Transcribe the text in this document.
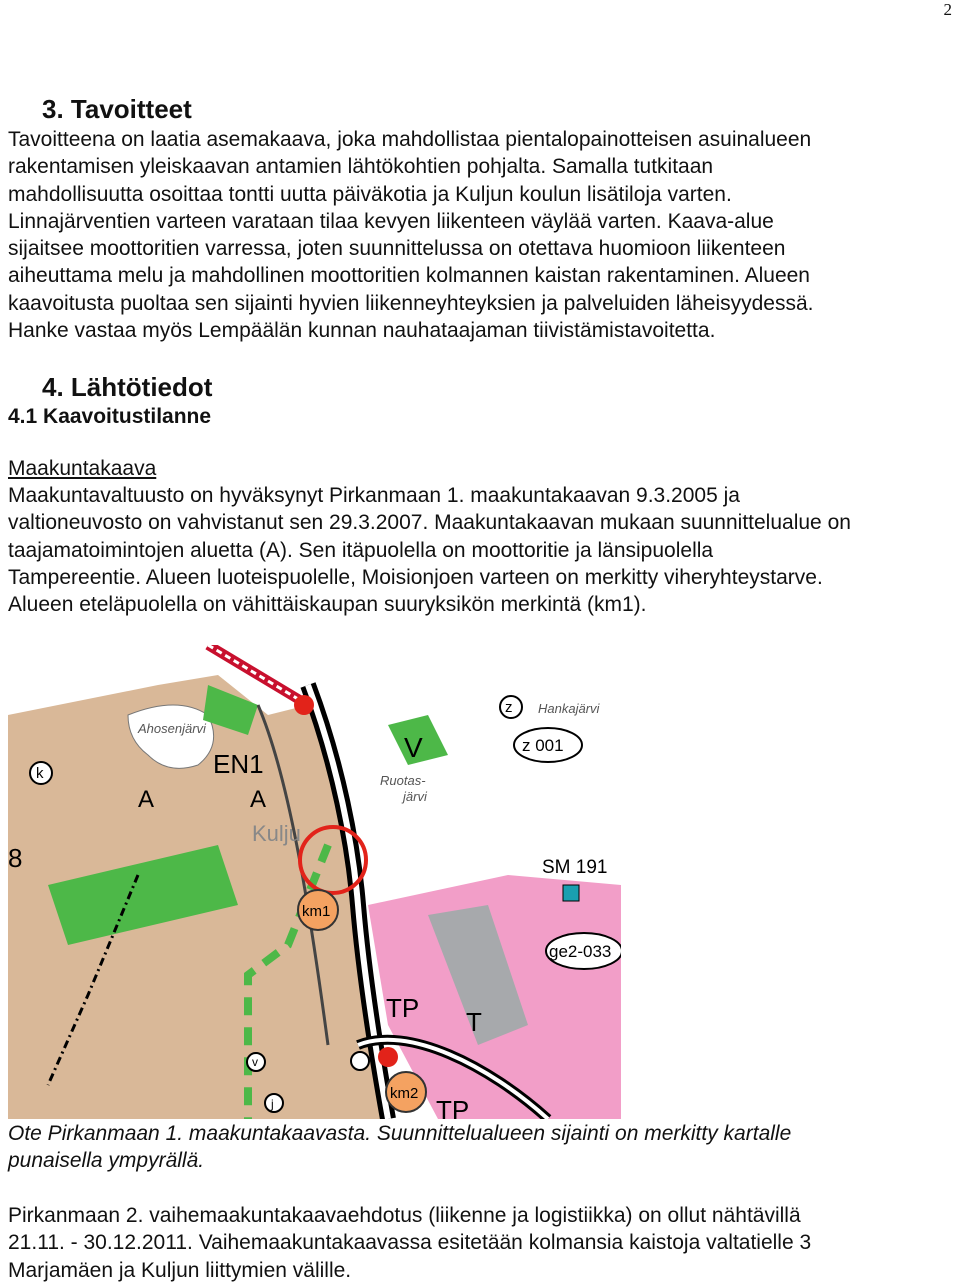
2
3. Tavoitteet
Tavoitteena on laatia asemakaava, joka mahdollistaa pientalopainotteisen asuinalueen
rakentamisen yleiskaavan antamien lähtökohtien pohjalta. Samalla tutkitaan
mahdollisuutta osoittaa tontti uutta päiväkotia ja Kuljun koulun lisätiloja varten.
Linnajärventien varteen varataan tilaa kevyen liikenteen väylää varten. Kaava-alue
sijaitsee moottoritien varressa, joten suunnittelussa on otettava huomioon liikenteen
aiheuttama melu ja mahdollinen moottoritien kolmannen kaistan rakentaminen. Alueen
kaavoitusta puoltaa sen sijainti hyvien liikenneyhteyksien ja palveluiden läheisyydessä.
Hanke vastaa myös Lempäälän kunnan nauhataajaman tiivistämistavoitetta.
4. Lähtötiedot
4.1 Kaavoitustilanne
Maakuntakaava
Maakuntavaltuusto on hyväksynyt Pirkanmaan 1. maakuntakaavan 9.3.2005 ja
valtioneuvosto on vahvistanut sen 29.3.2007. Maakuntakaavan mukaan suunnittelualue on
taajamatoimintojen aluetta (A). Sen itäpuolella on moottoritie ja länsipuolella
Tampereentie. Alueen luoteispuolelle, Moisionjoen varteen on merkitty viheryhteystarve.
Alueen eteläpuolella on vähittäiskaupan suuryksikön merkintä (km1).
Ahosenjärvi
Hankajärvi
Ruotas-
järvi
Kulju
EN1
A	A
V
k
z
z 001
SM 191
ge2-033
km1
km2
TP
TP
T
8
v
j
Ote Pirkanmaan 1. maakuntakaavasta. Suunnittelualueen sijainti on merkitty kartalle
punaisella ympyrällä.
Pirkanmaan 2. vaihemaakuntakaavaehdotus (liikenne ja logistiikka) on ollut nähtävillä
21.11. - 30.12.2011. Vaihemaakuntakaavassa esitetään kolmansia kaistoja valtatielle 3
Marjamäen ja Kuljun liittymien välille.
